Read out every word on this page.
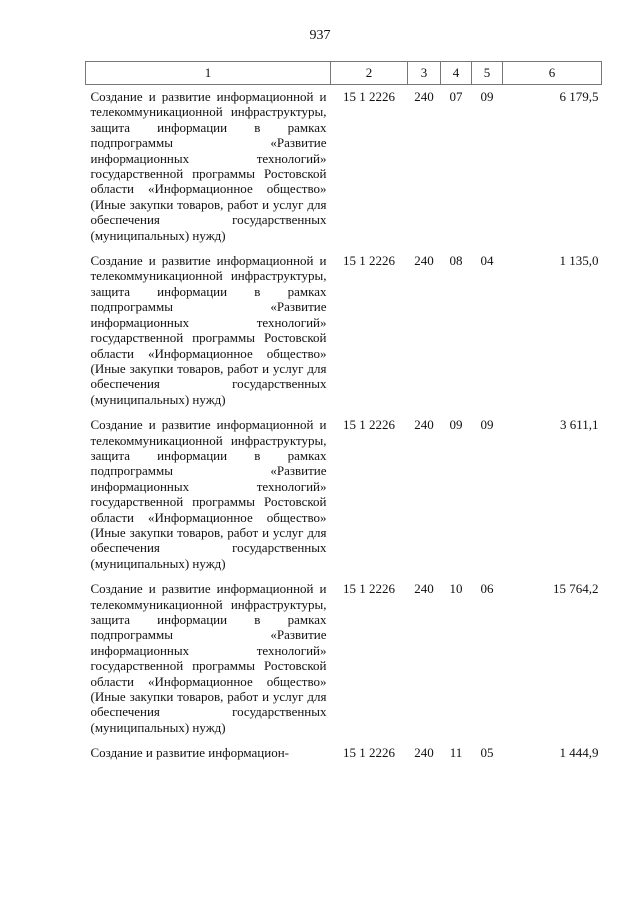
937
1	2	3	4	5	6
Создание и развитие информационной и телекоммуникационной инфраструктуры, защита информации в рамках подпрограммы «Развитие информационных технологий» государственной программы Ростовской области «Информационное общество» (Иные закупки товаров, работ и услуг для обеспечения государственных (муниципальных) нужд)	15 1 2226	240	07	09	6 179,5
Создание и развитие информационной и телекоммуникационной инфраструктуры, защита информации в рамках подпрограммы «Развитие информационных технологий» государственной программы Ростовской области «Информационное общество» (Иные закупки товаров, работ и услуг для обеспечения государственных (муниципальных) нужд)	15 1 2226	240	08	04	1 135,0
Создание и развитие информационной и телекоммуникационной инфраструктуры, защита информации в рамках подпрограммы «Развитие информационных технологий» государственной программы Ростовской области «Информационное общество» (Иные закупки товаров, работ и услуг для обеспечения государственных (муниципальных) нужд)	15 1 2226	240	09	09	3 611,1
Создание и развитие информационной и телекоммуникационной инфраструктуры, защита информации в рамках подпрограммы «Развитие информационных технологий» государственной программы Ростовской области «Информационное общество» (Иные закупки товаров, работ и услуг для обеспечения государственных (муниципальных) нужд)	15 1 2226	240	10	06	15 764,2
Создание и развитие информацион-	15 1 2226	240	11	05	1 444,9
